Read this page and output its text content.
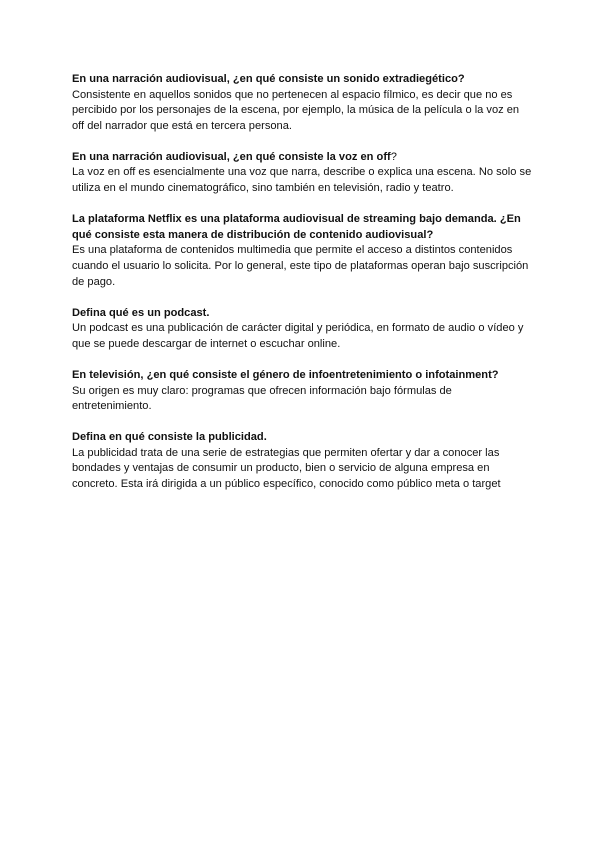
En una narración audiovisual, ¿en qué consiste un sonido extradiegético?

Consistente en aquellos sonidos que no pertenecen al espacio fílmico, es decir que no es percibido por los personajes de la escena, por ejemplo, la música de la película o la voz en off del narrador que está en tercera persona.

En una narración audiovisual, ¿en qué consiste la voz en off?

La voz en off es esencialmente una voz que narra, describe o explica una escena. No solo se utiliza en el mundo cinematográfico, sino también en televisión, radio y teatro.

La plataforma Netflix es una plataforma audiovisual de streaming bajo demanda. ¿En qué consiste esta manera de distribución de contenido audiovisual?

Es una plataforma de contenidos multimedia que permite el acceso a distintos contenidos cuando el usuario lo solicita. Por lo general, este tipo de plataformas operan bajo suscripción de pago.

Defina qué es un podcast.

Un podcast es una publicación de carácter digital y periódica, en formato de audio o vídeo y que se puede descargar de internet o escuchar online.

En televisión, ¿en qué consiste el género de infoentretenimiento o infotainment?

Su origen es muy claro: programas que ofrecen información bajo fórmulas de entretenimiento.

Defina en qué consiste la publicidad.

La publicidad trata de una serie de estrategias que permiten ofertar y dar a conocer las bondades y ventajas de consumir un producto, bien o servicio de alguna empresa en concreto. Esta irá dirigida a un público específico, conocido como público meta o target
